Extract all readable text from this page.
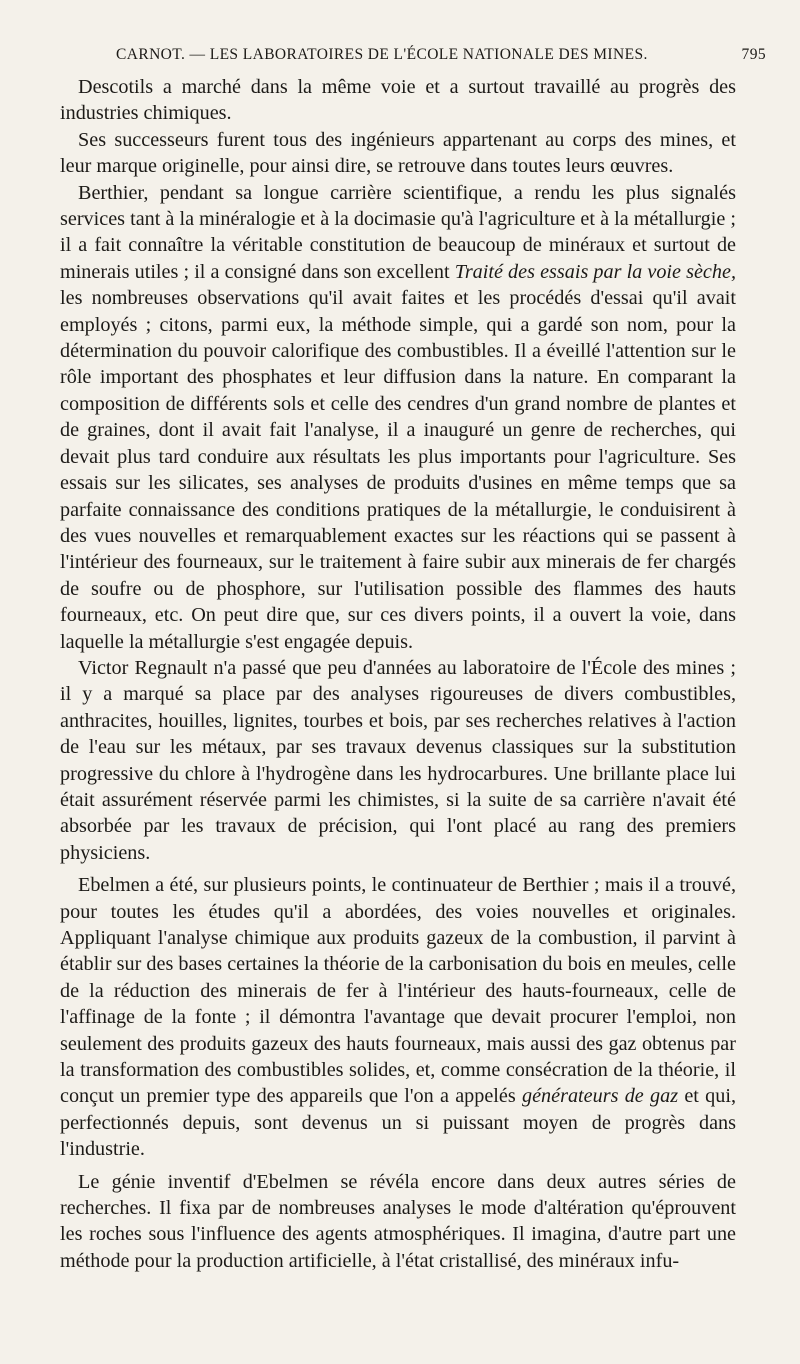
CARNOT. — LES LABORATOIRES DE L'ÉCOLE NATIONALE DES MINES.	795

Descotils a marché dans la même voie et a surtout travaillé au progrès des industries chimiques.

Ses successeurs furent tous des ingénieurs appartenant au corps des mines, et leur marque originelle, pour ainsi dire, se retrouve dans toutes leurs œuvres.

Berthier, pendant sa longue carrière scientifique, a rendu les plus signalés services tant à la minéralogie et à la docimasie qu'à l'agriculture et à la métallurgie ; il a fait connaître la véritable constitution de beaucoup de minéraux et surtout de minerais utiles ; il a consigné dans son excellent Traité des essais par la voie sèche, les nombreuses observations qu'il avait faites et les procédés d'essai qu'il avait employés ; citons, parmi eux, la méthode simple, qui a gardé son nom, pour la détermination du pouvoir calorifique des combustibles. Il a éveillé l'attention sur le rôle important des phosphates et leur diffusion dans la nature. En comparant la composition de différents sols et celle des cendres d'un grand nombre de plantes et de graines, dont il avait fait l'analyse, il a inauguré un genre de recherches, qui devait plus tard conduire aux résultats les plus importants pour l'agriculture. Ses essais sur les silicates, ses analyses de produits d'usines en même temps que sa parfaite connaissance des conditions pratiques de la métallurgie, le conduisirent à des vues nouvelles et remarquablement exactes sur les réactions qui se passent à l'intérieur des fourneaux, sur le traitement à faire subir aux minerais de fer chargés de soufre ou de phosphore, sur l'utilisation possible des flammes des hauts fourneaux, etc. On peut dire que, sur ces divers points, il a ouvert la voie, dans laquelle la métallurgie s'est engagée depuis.

Victor Regnault n'a passé que peu d'années au laboratoire de l'École des mines ; il y a marqué sa place par des analyses rigoureuses de divers combustibles, anthracites, houilles, lignites, tourbes et bois, par ses recherches relatives à l'action de l'eau sur les métaux, par ses travaux devenus classiques sur la substitution progressive du chlore à l'hydrogène dans les hydrocarbures. Une brillante place lui était assurément réservée parmi les chimistes, si la suite de sa carrière n'avait été absorbée par les travaux de précision, qui l'ont placé au rang des premiers physiciens.

Ebelmen a été, sur plusieurs points, le continuateur de Berthier ; mais il a trouvé, pour toutes les études qu'il a abordées, des voies nouvelles et originales. Appliquant l'analyse chimique aux produits gazeux de la combustion, il parvint à établir sur des bases certaines la théorie de la carbonisation du bois en meules, celle de la réduction des minerais de fer à l'intérieur des hauts-fourneaux, celle de l'affinage de la fonte ; il démontra l'avantage que devait procurer l'emploi, non seulement des produits gazeux des hauts fourneaux, mais aussi des gaz obtenus par la transformation des combustibles solides, et, comme consécration de la théorie, il conçut un premier type des appareils que l'on a appelés générateurs de gaz et qui, perfectionnés depuis, sont devenus un si puissant moyen de progrès dans l'industrie.

Le génie inventif d'Ebelmen se révéla encore dans deux autres séries de recherches. Il fixa par de nombreuses analyses le mode d'altération qu'éprouvent les roches sous l'influence des agents atmosphériques. Il imagina, d'autre part une méthode pour la production artificielle, à l'état cristallisé, des minéraux infu-
